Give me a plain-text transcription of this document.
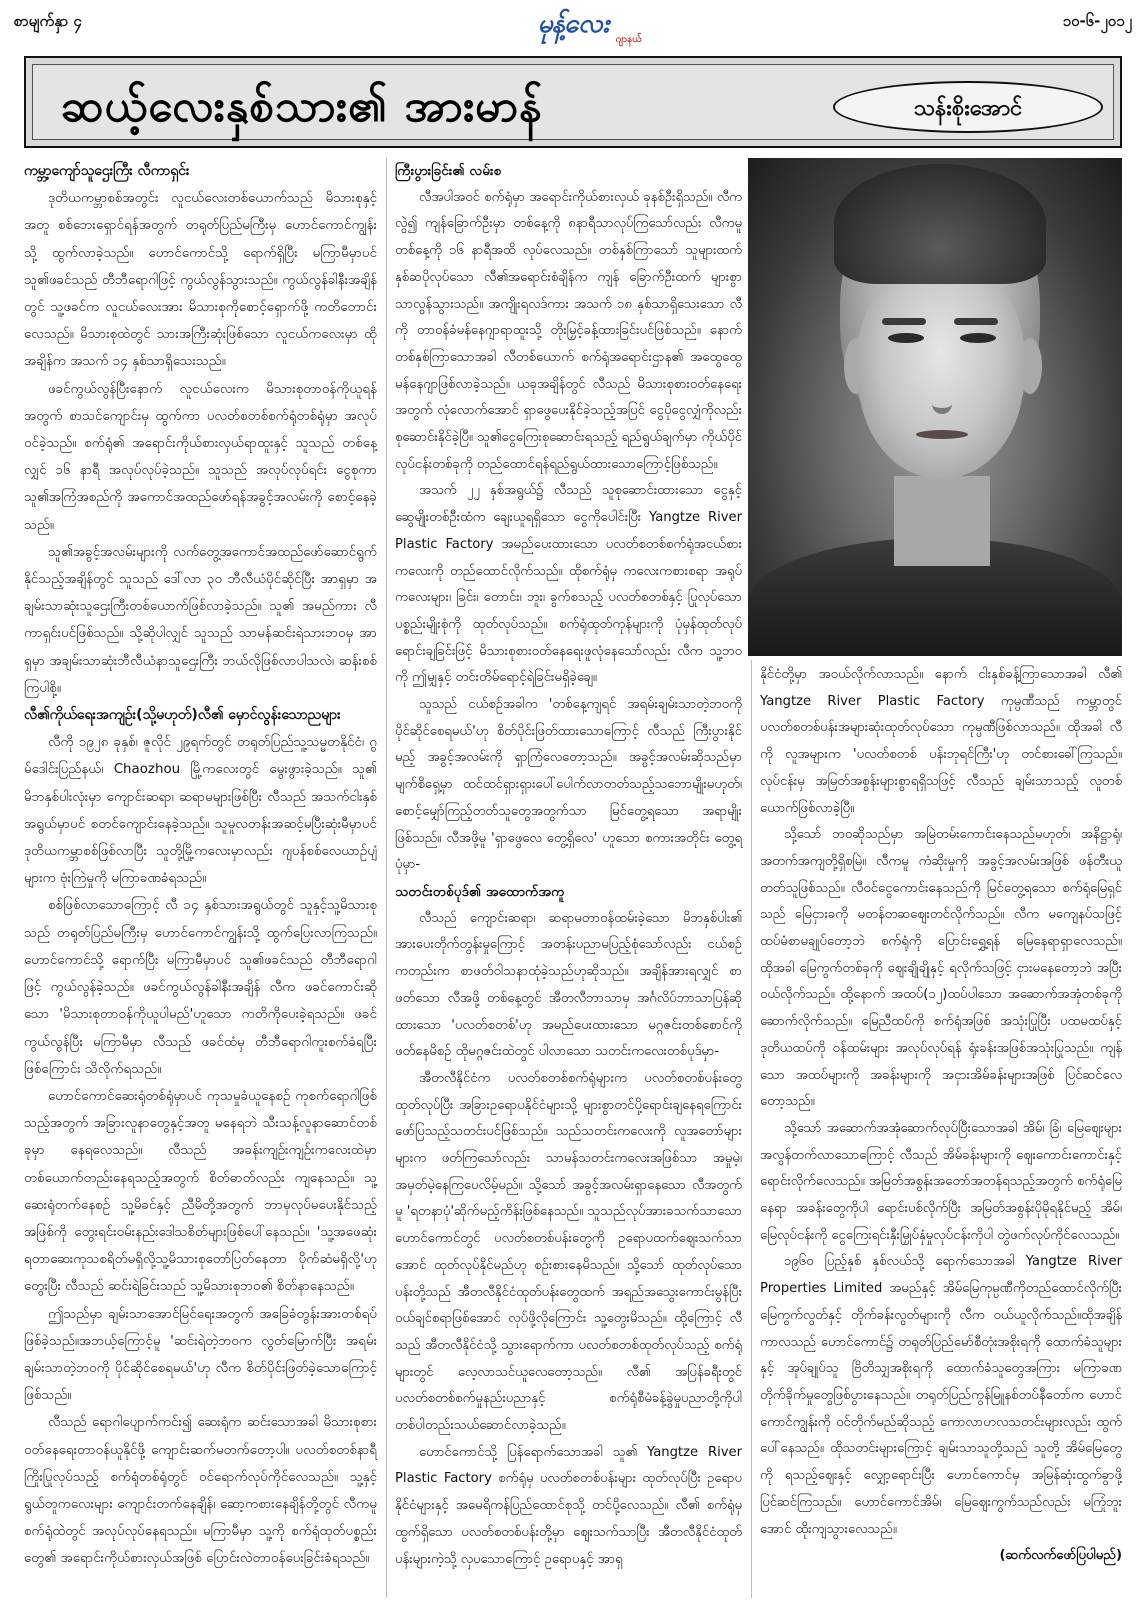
စာမျက်နှာ ၄	မုန့်လေး
ဂျာနယ်
၁၀-၆-၂၀၁၂
ဆယ့်လေးနှစ်သား၏ အားမာန်	သန်းစိုးအောင်
ကမ္ဘာ့ကျော်သူဌေးကြီး လီကာရှင်း

ဒုတိယကမ္ဘာစစ်အတွင်း လူငယ်လေးတစ်ယောက်သည် မိသားစုနှင့်အတူ စစ်ဘေးရှောင်ရန်အတွက် တရုတ်ပြည်မကြီးမှ ဟောင်ကောင်ကျွန်းသို့ ထွက်လာခဲ့သည်။ ဟောင်ကောင်သို့ ရောက်ရှိပြီး မကြာမီမှာပင် သူ၏ဖခင်သည် တီဘီရောဂါဖြင့် ကွယ်လွန်သွားသည်။ ကွယ်လွန်ခါနီးအချိန်တွင် သူ့ဖခင်က လူငယ်လေးအား မိသားစုကိုစောင့်ရှောက်ဖို့ ကတိတောင်းလေသည်။ မိသားစုထဲတွင် သားအကြီးဆုံးဖြစ်သော လူငယ်ကလေးမှာ ထိုအချိန်က အသက် ၁၄ နှစ်သာရှိသေးသည်။

ဖခင်ကွယ်လွန်ပြီးနောက် လူငယ်လေးက မိသားစုတာဝန်ကိုယူရန်အတွက် စာသင်ကျောင်းမှ ထွက်ကာ ပလတ်စတစ်စက်ရုံတစ်ရုံမှာ အလုပ်ဝင်ခဲ့သည်။ စက်ရုံ၏ အရောင်းကိုယ်စားလှယ်ရာထူးနှင့် သူသည် တစ်နေ့လျှင် ၁၆ နာရီ အလုပ်လုပ်ခဲ့သည်။ သူသည် အလုပ်လုပ်ရင်း ငွေစုကာ သူ၏အကြံအစည်ကို အကောင်အထည်ဖော်ရန်အခွင့်အလမ်းကို စောင့်နေခဲ့သည်။

သူ၏အခွင့်အလမ်းများကို လက်တွေ့အကောင်အထည်ဖော်ဆောင်ရွက်နိုင်သည့်အချိန်တွင် သူသည် ဒေါ်လာ ၃၀ ဘီလီယံပိုင်ဆိုင်ပြီး အာရှမှာ အချမ်းသာဆုံးသူဌေးကြီးတစ်ယောက်ဖြစ်လာခဲ့သည်။ သူ၏ အမည်ကား လီကာရှင်းပင်ဖြစ်သည်။ သို့ဆိုပါလျှင် သူသည် သာမန်ဆင်းရဲသားဘဝမှ အာရှမှာ အချမ်းသာဆုံးဘီလီယံနာသူဌေးကြီး ဘယ်လိုဖြစ်လာပါသလဲ၊ ဆန်းစစ်ကြပါစို့။

လီ၏ကိုယ်ရေးအကျဉ်း(သို့မဟုတ်)လီ၏ မှောင်လွန်းသောညများ

လီကို ၁၉၂၈ ခုနှစ်၊ ဇူလိုင် ၂၉ရက်တွင် တရုတ်ပြည်သူ့သမ္မတနိုင်ငံ၊ ဂွမ်ဒေါင်းပြည်နယ်၊ Chaozhou မြို့ကလေးတွင် မွေးဖွားခဲ့သည်။ သူ၏ မိဘနှစ်ပါးလုံးမှာ ကျောင်းဆရာ၊ ဆရာမများဖြစ်ပြီး လီသည် အသက်ငါးနှစ်အရွယ်မှာပင် စတင်ကျောင်းနေခဲ့သည်။ သူမူလတန်းအဆင့်မပြီးဆုံးမီမှာပင် ဒုတိယကမ္ဘာစစ်ဖြစ်လာပြီး သူတို့မြို့ကလေးမှာလည်း ဂျပန်စစ်လေယာဉ်ပျံများက ဗုံးကြဲမှုကို မကြာခဏခံရသည်။

စစ်ဖြစ်လာသောကြောင့် လီ ၁၄ နှစ်သားအရွယ်တွင် သူနှင့်သူ့မိသားစုသည် တရုတ်ပြည်မကြီးမှ ဟောင်ကောင်ကျွန်းသို့ ထွက်ပြေးလာကြသည်။ ဟောင်ကောင်သို့ ရောက်ပြီး မကြာမီမှာပင် သူ၏ဖခင်သည် တီဘီရောဂါဖြင့် ကွယ်လွန်ခဲ့သည်။ ဖခင်ကွယ်လွန်ခါနီးအချိန် လီက ဖခင်ကောင်းဆိုသော 'မိသားစုတာဝန်ကိုယူပါမည်'ဟူသော ကတိကိုပေးခဲ့ရသည်။ ဖခင်ကွယ်လွန်ပြီး မကြာမီမှာ လီသည် ဖခင်ထံမှ တီဘီရောဂါကူးစက်ခံရပြီးဖြစ်ကြောင်း သိလိုက်ရသည်။

ဟောင်ကောင်ဆေးရုံတစ်ရုံမှာပင် ကုသမှုခံယူနေစဉ် ကုစက်ရောဂါဖြစ်သည့်အတွက် အခြားလူနာတွေနှင့်အတူ မနေရဘဲ သီးသန့်လူနာဆောင်တစ်ခုမှာ နေရလေသည်။ လီသည် အခန်းကျဉ်းကျဉ်းကလေးထဲမှာ တစ်ယောက်တည်းနေရသည့်အတွက် စိတ်ဓာတ်လည်း ကျနေသည်။ သူ့ဆေးရုံတက်နေစဉ် သူ့မိခင်နှင့် ညီမိတို့အတွက် ဘာမှလုပ်မပေးနိုင်သည့်အဖြစ်ကို တွေးရင်းဝမ်းနည်းဒေါသစိတ်များဖြစ်ပေါ်နေသည်။ 'သူ့အဖေဆုံးရတာဆေးကုသစရိတ်မရှိလို့သူ့မိသားစုတော်ပြတ်နေတာ ပိုက်ဆံမရှိလို့'ဟု တွေးပြီး လီသည် ဆင်းရဲခြင်းသည် သူ့မိသားစုဘဝ၏ စိတ်နာနေသည်။

ဤသည်မှာ ချမ်းသာအောင်မြင်ရေးအတွက် အခြေခံတွန်းအားတစ်ရပ်ဖြစ်ခဲ့သည်။အဘယ့်ကြောင့်မူ 'ဆင်းရဲတဲ့ဘဝက လွတ်မြောက်ပြီး အရမ်းချမ်းသာတဲ့ဘဝကို ပိုင်ဆိုင်စေရမယ်'ဟု လီက စိတ်ပိုင်းဖြတ်ခဲ့သောကြောင့်ဖြစ်သည်။

လီသည် ရောဂါပျောက်ကင်း၍ ဆေးရုံက ဆင်းသောအခါ မိသားစုစားဝတ်နေရေးတာဝန်ယူနိုင်ဖို့ ကျောင်းဆက်မတက်တော့ပါ။ ပလတ်စတစ်နာရီကြိုးပြုလုပ်သည့် စက်ရုံတစ်ရုံတွင် ဝင်ရောက်လုပ်ကိုင်လေသည်။ သူ့နှင့်ရွယ်တူကလေးများ ကျောင်းတက်နေချိန်၊ ဆော့ကစားနေချိန်တို့တွင် လီကမူ စက်ရုံထဲတွင် အလုပ်လုပ်နေရသည်။ မကြာမီမှာ သူ့ကို စက်ရုံထုတ်ပစ္စည်းတွေ၏ အရောင်းကိုယ်စားလှယ်အဖြစ် ပြောင်းလဲတာဝန်ပေးခြင်းခံရသည်။

ကြီးပွားခြင်း၏ လမ်းစ

လီအပါအဝင် စက်ရုံမှာ အရောင်းကိုယ်စားလှယ် ခုနစ်ဦးရှိသည်။ လီကလွဲ၍ ကျန်ခြောက်ဦးမှာ တစ်နေ့ကို ၈နာရီသာလုပ်ကြသော်လည်း လီကမူ တစ်နေ့ကို ၁၆ နာရီအထိ လုပ်လေသည်။ တစ်နှစ်ကြာသော် သူများထက် နှစ်ဆပိုလုပ်သော လီ၏အရောင်းစံချိန်က ကျန် ခြောက်ဦးထက် များစွာ သာလွန်သွားသည်။ အကျိုးရလဒ်ကား အသက် ၁၈ နှစ်သာရှိသေးသော လီကို တာဝန်ခံမန်နေဂျာရာထူးသို့ တိုးမြှင့်ခန့်ထားခြင်းပင်ဖြစ်သည်။ နောက်တစ်နှစ်ကြာသောအခါ လီတစ်ယောက် စက်ရုံအရောင်းဌာန၏ အထွေထွေမန်နေဂျာဖြစ်လာခဲ့သည်။ ယခုအချိန်တွင် လီသည် မိသားစုစားဝတ်နေရေးအတွက် လုံလောက်အောင် ရှာဖွေပေးနိုင်ခဲ့သည့်အပြင် ငွေပိုငွေလျှံကိုလည်း စုဆောင်းနိုင်ခဲ့ပြီ။ သူ၏ငွေကြေးစုဆောင်းရသည့် ရည်ရွယ်ချက်မှာ ကိုယ်ပိုင်လုပ်ငန်းတစ်ခုကို တည်ထောင်ရန်ရည်ရွယ်ထားသောကြောင့်ဖြစ်သည်။

အသက် ၂၂ နှစ်အရွယ်၌ လီသည် သူစုဆောင်းထားသော ငွေနှင့် ဆွေမျိုးတစ်ဦးထံက ချေးယူရရှိသော ငွေကိုပေါင်းပြီး Yangtze River Plastic Factory အမည်ပေးထားသော ပလတ်စတစ်စက်ရုံအငယ်စားကလေးကို တည်ထောင်လိုက်သည်။ ထိုစက်ရုံမှ ကလေးကစားစရာ အရုပ်ကလေးများ၊ ခြင်း၊ တောင်း၊ ဘူး၊ ခွက်စသည့် ပလတ်စတစ်နှင့် ပြုလုပ်သော ပစ္စည်းမျိုးစုံကို ထုတ်လုပ်သည်။ စက်ရုံထုတ်ကုန်များကို ပုံမှန်ထုတ်လုပ်ရောင်းချခြင်းဖြင့် မိသားစုစားဝတ်နေရေးဖူလုံနေသော်လည်း လီက သူ့ဘဝကို ဤမျှနှင့် တင်းတိမ်ရောင့်ရဲခြင်းမရှိခဲ့ချေ။

သူသည် ငယ်စဉ်အခါက 'တစ်နေ့ကျရင် အရမ်းချမ်းသာတဲ့ဘဝကို ပိုင်ဆိုင်စေရမယ်'ဟု စိတ်ပိုင်းဖြတ်ထားသောကြောင့် လီသည် ကြီးပွားနိုင်မည့် အခွင့်အလမ်းကို ရှာကြံလေတော့သည်။ အခွင့်အလမ်းဆိုသည်မှာ မျက်စိရှေ့မှာ ထင်ထင်ရှားရှားပေါ်ပေါက်လာတတ်သည့်သဘောမျိုးမဟုတ်၊ စောင့်မျှော်ကြည့်တတ်သူတွေအတွက်သာ မြင်တွေ့ရသော အရာမျိုးဖြစ်သည်။ လီအဖို့မူ 'ရှာဖွေလေ တွေ့ရှိလေ' ဟူသော စကားအတိုင်း တွေ့ရပုံမှာ-

သတင်းတစ်ပုဒ်၏ အထောက်အကူ

လီသည် ကျောင်းဆရာ၊ ဆရာမတာဝန်ထမ်းခဲ့သော မိဘနှစ်ပါး၏ အားပေးတိုက်တွန်းမှုကြောင့် အတန်းပညာမပြည့်စုံသော်လည်း ငယ်စဉ်ကတည်းက စာဖတ်ဝါသနာထုံခဲ့သည်ဟုဆိုသည်။ အချိန်အားရလျှင် စာဖတ်သော လီအဖို့ တစ်နေ့တွင် အီတလီဘာသာမှ အင်္ဂလိပ်ဘာသာပြန်ဆိုထားသော 'ပလတ်စတစ်'ဟု အမည်ပေးထားသော မဂ္ဂဇင်းတစ်စောင်ကို ဖတ်နေမိစဉ် ထိုမဂ္ဂဇင်းထဲတွင် ပါလာသော သတင်းကလေးတစ်ပုဒ်မှာ-

အီတလီနိုင်ငံက ပလတ်စတစ်စက်ရုံများက ပလတ်စတစ်ပန်းတွေ ထုတ်လုပ်ပြီး အခြားဥရောပနိုင်ငံများသို့ များစွာတင်ပို့ရောင်းချနေရကြောင်း ဖော်ပြသည့်သတင်းပင်ဖြစ်သည်။ သည်သတင်းကလေးကို လူအတော်များများက ဖတ်ကြသော်လည်း သာမန်သတင်းကလေးအဖြစ်သာ အမှုမဲ့၊ အမှတ်မဲ့နေကြပေလိမ့်မည်။ သို့သော် အခွင့်အလမ်းရှာနေသော လီအတွက်မူ 'ရတနာပုံ'ဆိုက်မည့်ကိန်းဖြစ်နေသည်။ သူသည်လုပ်အားခသက်သာသော ဟောင်ကောင်တွင် ပလတ်စတစ်ပန်းတွေကို ဥရောပထက်ဈေးသက်သာအောင် ထုတ်လုပ်နိုင်မည်ဟု စဉ်းစားနေမိသည်။ သို့သော် ထုတ်လုပ်သော ပန်းတို့သည် အီတလီနိုင်ငံထုတ်ပန်းတွေထက် အရည်အသွေးကောင်းမွန်ပြီး ဝယ်ချင်စရာဖြစ်အောင် လုပ်ဖို့လိုကြောင်း သူ့တွေးမိသည်။ ထို့ကြောင့် လီသည် အီတလီနိုင်ငံသို့ သွားရောက်ကာ ပလတ်စတစ်ထုတ်လုပ်သည့် စက်ရုံများတွင် လေ့လာသင်ယူလေတော့သည်။ လီ၏ အပြန်ခရီးတွင် ပလတ်စတစ်စက်မှုနည်းပညာနှင့် စက်ရုံစီမံခန့်ခွဲမှုပညာတို့ကိုပါ တစ်ပါတည်းသယ်ဆောင်လာခဲ့သည်။

ဟောင်ကောင်သို့ ပြန်ရောက်သောအခါ သူ၏ Yangtze River Plastic Factory စက်ရုံမှ ပလတ်စတစ်ပန်းများ ထုတ်လုပ်ပြီး ဥရောပနိုင်ငံများနှင့် အမေရိကန်ပြည်ထောင်စုသို့ တင်ပို့လေသည်။ လီ၏ စက်ရုံမှ ထွက်ရှိသော ပလတ်စတစ်ပန်းတို့မှာ ဈေးသက်သာပြီး အီတလီနိုင်ငံထုတ်ပန်းများကဲ့သို့ လှပသောကြောင့် ဥရောပနှင့် အာရှ

နိုင်ငံတို့မှာ အဝယ်လိုက်လာသည်။ နောက် ငါးနှစ်ခန့်ကြာသောအခါ လီ၏ Yangtze River Plastic Factory ကုမ္ပဏီသည် ကမ္ဘာတွင် ပလတ်စတစ်ပန်းအများဆုံးထုတ်လုပ်သော ကုမ္ပဏီဖြစ်လာသည်။ ထိုအခါ လီကို လူအများက 'ပလတ်စတစ် ပန်းဘုရင်ကြီး'ဟု တင်စားခေါ်ကြသည်။ လုပ်ငန်းမှ အမြတ်အစွန်းများစွာရရှိသဖြင့် လီသည် ချမ်းသာသည့် လူတစ်ယောက်ဖြစ်လာခဲ့ပြီ။

သို့သော် ဘဝဆိုသည်မှာ အမြဲတမ်းကောင်းနေသည်မဟုတ်၊ အနိဋ္ဌာရုံ၊ အတက်အကျတို့ရှိစမြဲ။ လီကမူ ကံဆိုးမှုကို အခွင့်အလမ်းအဖြစ် ဖန်တီးယူတတ်သူဖြစ်သည်။ လီဝင်ငွေကောင်းနေသည်ကို မြင်တွေ့ရသော စက်ရုံမြေရှင်သည် မြေငှားခကို မတန်တဆဈေးတင်လိုက်သည်။ လီက မကျေနပ်သဖြင့် ထပ်မံစာမချုပ်တော့ဘဲ စက်ရုံကို ပြောင်းရွှေ့ရန် မြေနေရာရှာလေသည်။ ထိုအခါ မြေကွက်တစ်ခုကို ဈေးချိုချိုနှင့် ရလိုက်သဖြင့် ငှားမနေတော့ဘဲ အပြီးဝယ်လိုက်သည်။ ထို့နောက် အထပ်(၁၂)ထပ်ပါသော အဆောက်အအုံတစ်ခုကို ဆောက်လိုက်သည်။ မြေညီထပ်ကို စက်ရုံအဖြစ် အသုံးပြုပြီး ပထမထပ်နှင့် ဒုတိယထပ်ကို ဝန်ထမ်းများ အလုပ်လုပ်ရန် ရုံးခန်းအဖြစ်အသုံးပြုသည်။ ကျန်သော အထပ်များကို အခန်းများကို အငှားအိမ်ခန်းများအဖြစ် ပြင်ဆင်လေတော့သည်။

သို့သော် အဆောက်အအုံဆောက်လုပ်ပြီးသောအခါ အိမ်၊ ခြံ၊ မြေဈေးများ အလွန်တက်လာသောကြောင့် လီသည် အိမ်ခန်းများကို ဈေးကောင်းကောင်းနှင့် ရောင်းလိုက်လေသည်။ အမြတ်အစွန်းအတော်အတန်ရသည့်အတွက် စက်ရုံမြေနေရာ အခန်းတွေကိုပါ ရောင်းပစ်လိုက်ပြီး အမြတ်အစွန်းပိုမိုရနိုင်မည့် အိမ်၊ မြေလုပ်ငန်းကို ငွေကြေးရင်းနှီးမြှုပ်နှံမှုလုပ်ငန်းကိုပါ တွဲဖက်လုပ်ကိုင်လေသည်။

၁၉၆၀ ပြည့်နှစ် နှစ်လယ်သို့ ရောက်သောအခါ Yangtze River Properties Limited အမည်နှင့် အိမ်မြေကုမ္ပဏီကိုတည်ထောင်လိုက်ပြီး မြေကွက်လွတ်နှင့် တိုက်ခန်းလွတ်များကို လီက ဝယ်ယူလိုက်သည်။ထိုအချိန်ကာလသည် ဟောင်ကောင်၌ တရုတ်ပြည်မော်စီတုံးအစိုးရကို ထောက်ခံသူများနှင့် အုပ်ချုပ်သူ ဗြိတိသျှအစိုးရကို ထောက်ခံသူတွေအကြား မကြာခဏတိုက်ခိုက်မှုတွေဖြစ်ပွားနေသည်။ တရုတ်ပြည်ကွန်မြူနစ်တပ်နီတော်က ဟောင်ကောင်ကျွန်းကို ဝင်တိုက်မည်ဆိုသည့် ကောလာဟလသတင်းများလည်း ထွက်ပေါ်နေသည်။ ထိုသတင်းများကြောင့် ချမ်းသာသူတို့သည် သူတို့ အိမ်မြေတွေကို ရသည့်ဈေးနှင့် လျှော့ရောင်းပြီး ဟောင်ကောင်မှ အမြန်ဆုံးထွက်ခွာဖို့ ပြင်ဆင်ကြသည်။ ဟောင်ကောင်အိမ်၊ မြေဈေးကွက်သည်လည်း မကြုံဘူးအောင် ထိုးကျသွားလေသည်။

(ဆက်လက်ဖော်ပြပါမည်)
